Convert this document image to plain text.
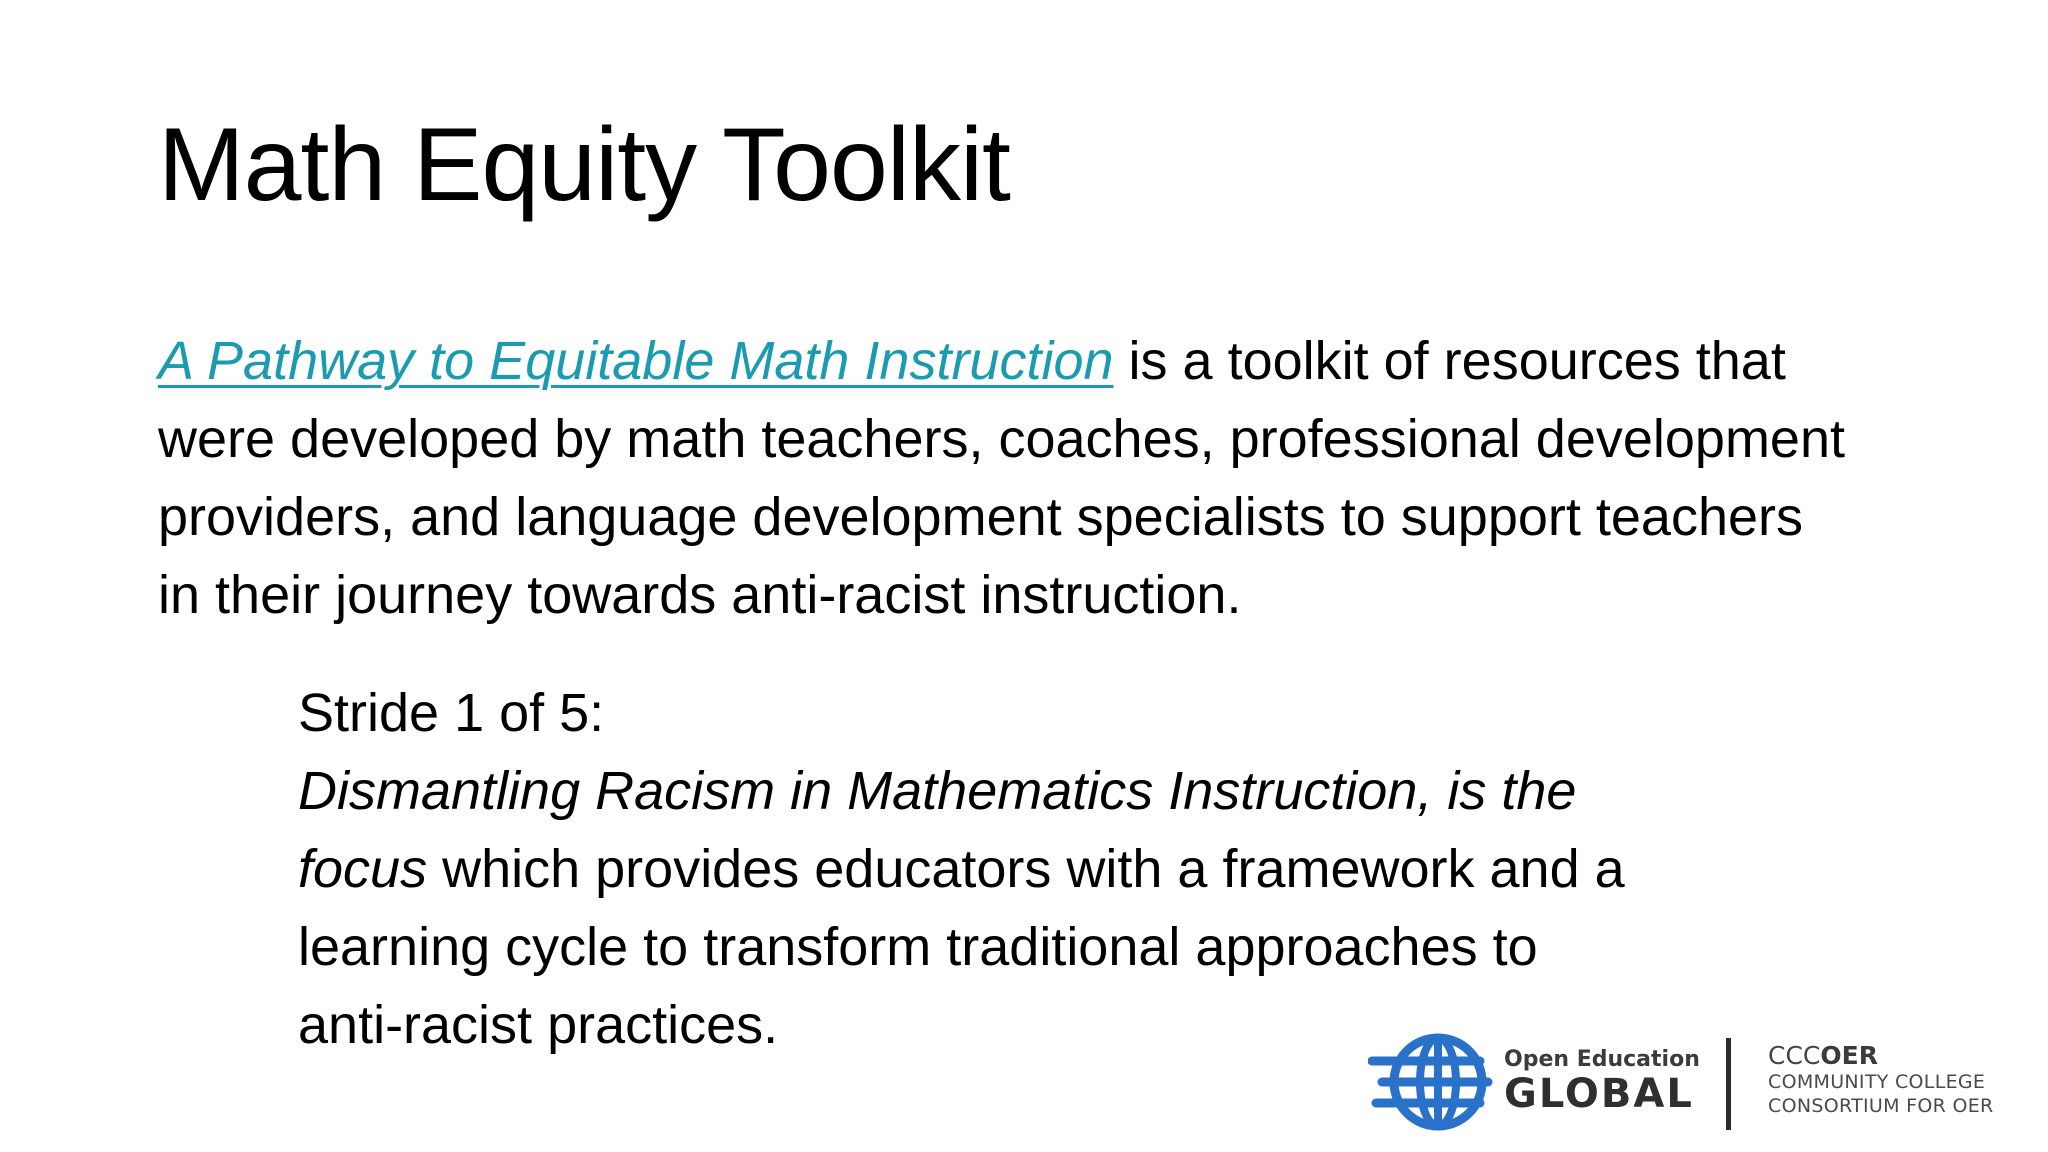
Math Equity Toolkit

A Pathway to Equitable Math Instruction is a toolkit of resources that
were developed by math teachers, coaches, professional development
providers, and language development specialists to support teachers
in their journey towards anti-racist instruction.

Stride 1 of 5:
Dismantling Racism in Mathematics Instruction, is the
focus which provides educators with a framework and a
learning cycle to transform traditional approaches to
anti-racist practices.

Open Education
GLOBAL
CCCOER
COMMUNITY COLLEGE
CONSORTIUM FOR OER
